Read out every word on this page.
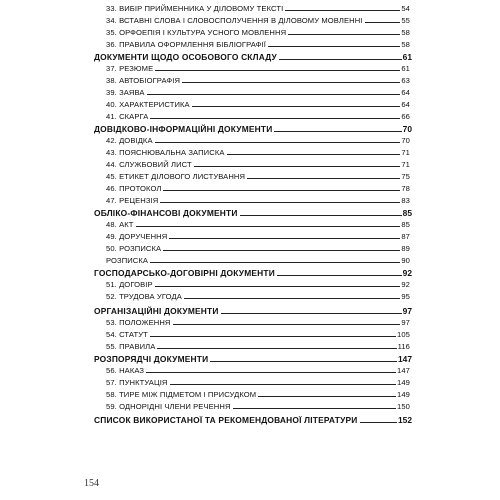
33. ВИБІР ПРИЙМЕННИКА У ДІЛОВОМУ ТЕКСТІ	54
34. ВСТАВНІ СЛОВА І СЛОВОСПОЛУЧЕННЯ В ДІЛОВОМУ МОВЛЕННІ	55
35. ОРФОЕПІЯ І КУЛЬТУРА УСНОГО МОВЛЕННЯ	58
36. ПРАВИЛА ОФОРМЛЕННЯ БІБЛІОГРАФІЇ	58
ДОКУМЕНТИ ЩОДО ОСОБОВОГО СКЛАДУ	61
37. РЕЗЮМЕ	61
38. АВТОБІОГРАФІЯ	63
39. ЗАЯВА	64
40. ХАРАКТЕРИСТИКА	64
41. СКАРГА	66
ДОВІДКОВО-ІНФОРМАЦІЙНІ ДОКУМЕНТИ	70
42. ДОВІДКА	70
43. ПОЯСНЮВАЛЬНА ЗАПИСКА	71
44. СЛУЖБОВИЙ ЛИСТ	71
45. ЕТИКЕТ ДІЛОВОГО ЛИСТУВАННЯ	75
46. ПРОТОКОЛ	78
47. РЕЦЕНЗІЯ	83
ОБЛІКО-ФІНАНСОВІ ДОКУМЕНТИ	85
48. АКТ	85
49. ДОРУЧЕННЯ	87
50. РОЗПИСКА	89
РОЗПИСКА	90
ГОСПОДАРСЬКО-ДОГОВІРНІ ДОКУМЕНТИ	92
51. ДОГОВІР	92
52. ТРУДОВА УГОДА	95
ОРГАНІЗАЦІЙНІ ДОКУМЕНТИ	97
53. ПОЛОЖЕННЯ	97
54. СТАТУТ	105
55. ПРАВИЛА	116
РОЗПОРЯДЧІ ДОКУМЕНТИ	147
56. НАКАЗ	147
57. ПУНКТУАЦІЯ	149
58. ТИРЕ МІЖ ПІДМЕТОМ І ПРИСУДКОМ	149
59. ОДНОРІДНІ ЧЛЕНИ РЕЧЕННЯ	150
СПИСОК ВИКОРИСТАНОЇ ТА РЕКОМЕНДОВАНОЇ ЛІТЕРАТУРИ	152
154
